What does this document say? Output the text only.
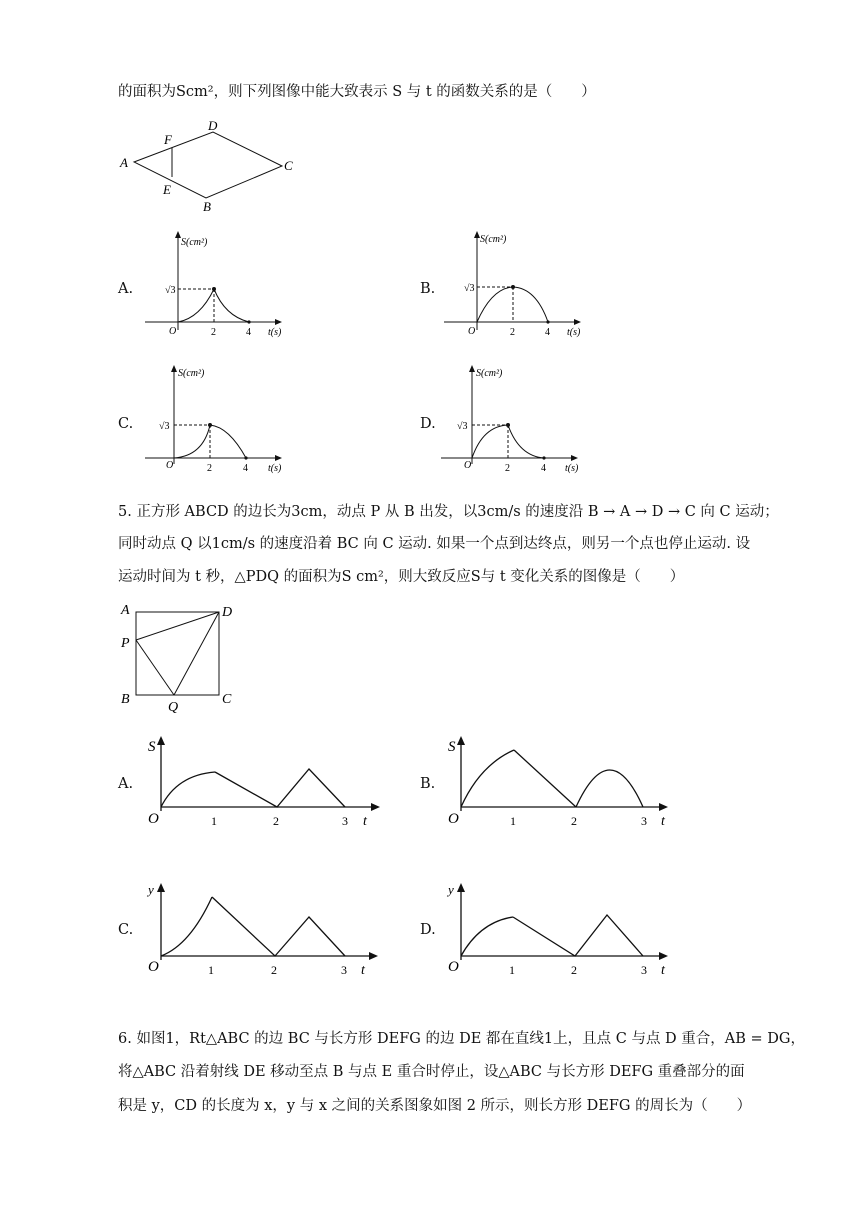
的面积为Scm²，则下列图像中能大致表示 S 与 t 的函数关系的是（　　）
A
D
C
B
F
E
A.	B.
C.	D.
S(cm²)
√3
O	2	4 t(s)
S(cm²)
√3
O	2	4 t(s)
S(cm²)
√3
O	2	4 t(s)
S(cm²)
√3
O	2	4 t(s)
5. 正方形 ABCD 的边长为3cm，动点 P 从 B 出发，以3cm/s 的速度沿 B → A → D → C 向 C 运动；
同时动点 Q 以1cm/s 的速度沿着 BC 向 C 运动. 如果一个点到达终点，则另一个点也停止运动. 设
运动时间为 t 秒，△PDQ 的面积为S cm²，则大致反应S与 t 变化关系的图像是（　　）
A	D
P
B	C
Q
A.	B.
C.	D.
S
O	1	2	3 t
S
O	1	2	3 t
y
O	1	2	3 t
y
O	1	2	3 t
6. 如图1，Rt△ABC 的边 BC 与长方形 DEFG 的边 DE 都在直线1上，且点 C 与点 D 重合，AB = DG，
将△ABC 沿着射线 DE 移动至点 B 与点 E 重合时停止，设△ABC 与长方形 DEFG 重叠部分的面
积是 y，CD 的长度为 x，y 与 x 之间的关系图象如图 2 所示，则长方形 DEFG 的周长为（　　）
